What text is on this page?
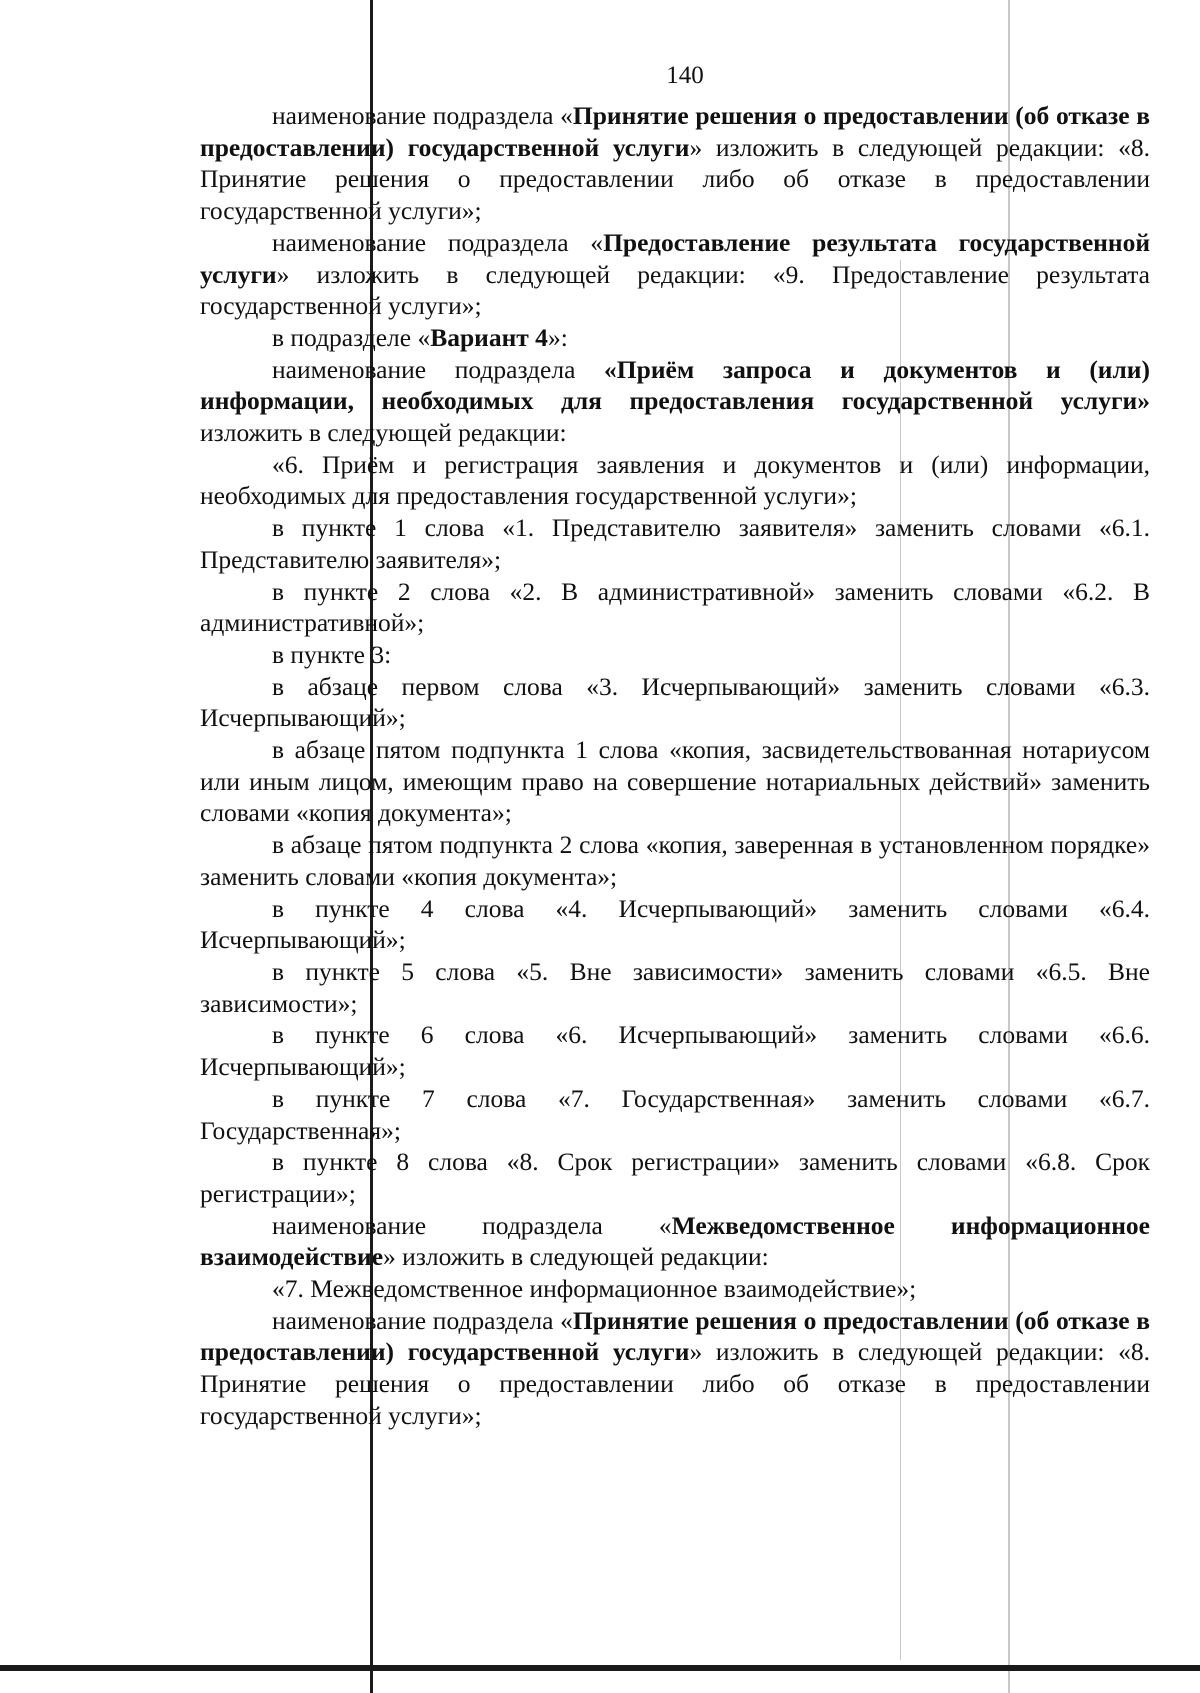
140

наименование подраздела «Принятие решения о предоставлении (об отказе в предоставлении) государственной услуги» изложить в следующей редакции: «8. Принятие решения о предоставлении либо об отказе в предоставлении государственной услуги»;

наименование подраздела «Предоставление результата государственной услуги» изложить в следующей редакции: «9. Предоставление результата государственной услуги»;

в подразделе «Вариант 4»:

наименование подраздела «Приём запроса и документов и (или) информации, необходимых для предоставления государственной услуги» изложить в следующей редакции:

«6. Приём и регистрация заявления и документов и (или) информации, необходимых для предоставления государственной услуги»;

в пункте 1 слова «1. Представителю заявителя» заменить словами «6.1. Представителю заявителя»;

в пункте 2 слова «2. В административной» заменить словами «6.2. В административной»;

в пункте 3:

в абзаце первом слова «3. Исчерпывающий» заменить словами «6.3. Исчерпывающий»;

в абзаце пятом подпункта 1 слова «копия, засвидетельствованная нотариусом или иным лицом, имеющим право на совершение нотариальных действий» заменить словами «копия документа»;

в абзаце пятом подпункта 2 слова «копия, заверенная в установленном порядке» заменить словами «копия документа»;

в пункте 4 слова «4. Исчерпывающий» заменить словами «6.4. Исчерпывающий»;

в пункте 5 слова «5. Вне зависимости» заменить словами «6.5. Вне зависимости»;

в пункте 6 слова «6. Исчерпывающий» заменить словами «6.6. Исчерпывающий»;

в пункте 7 слова «7. Государственная» заменить словами «6.7. Государственная»;

в пункте 8 слова «8. Срок регистрации» заменить словами «6.8. Срок регистрации»;

наименование подраздела «Межведомственное информационное взаимодействие» изложить в следующей редакции:

«7. Межведомственное информационное взаимодействие»;

наименование подраздела «Принятие решения о предоставлении (об отказе в предоставлении) государственной услуги» изложить в следующей редакции: «8. Принятие решения о предоставлении либо об отказе в предоставлении государственной услуги»;
